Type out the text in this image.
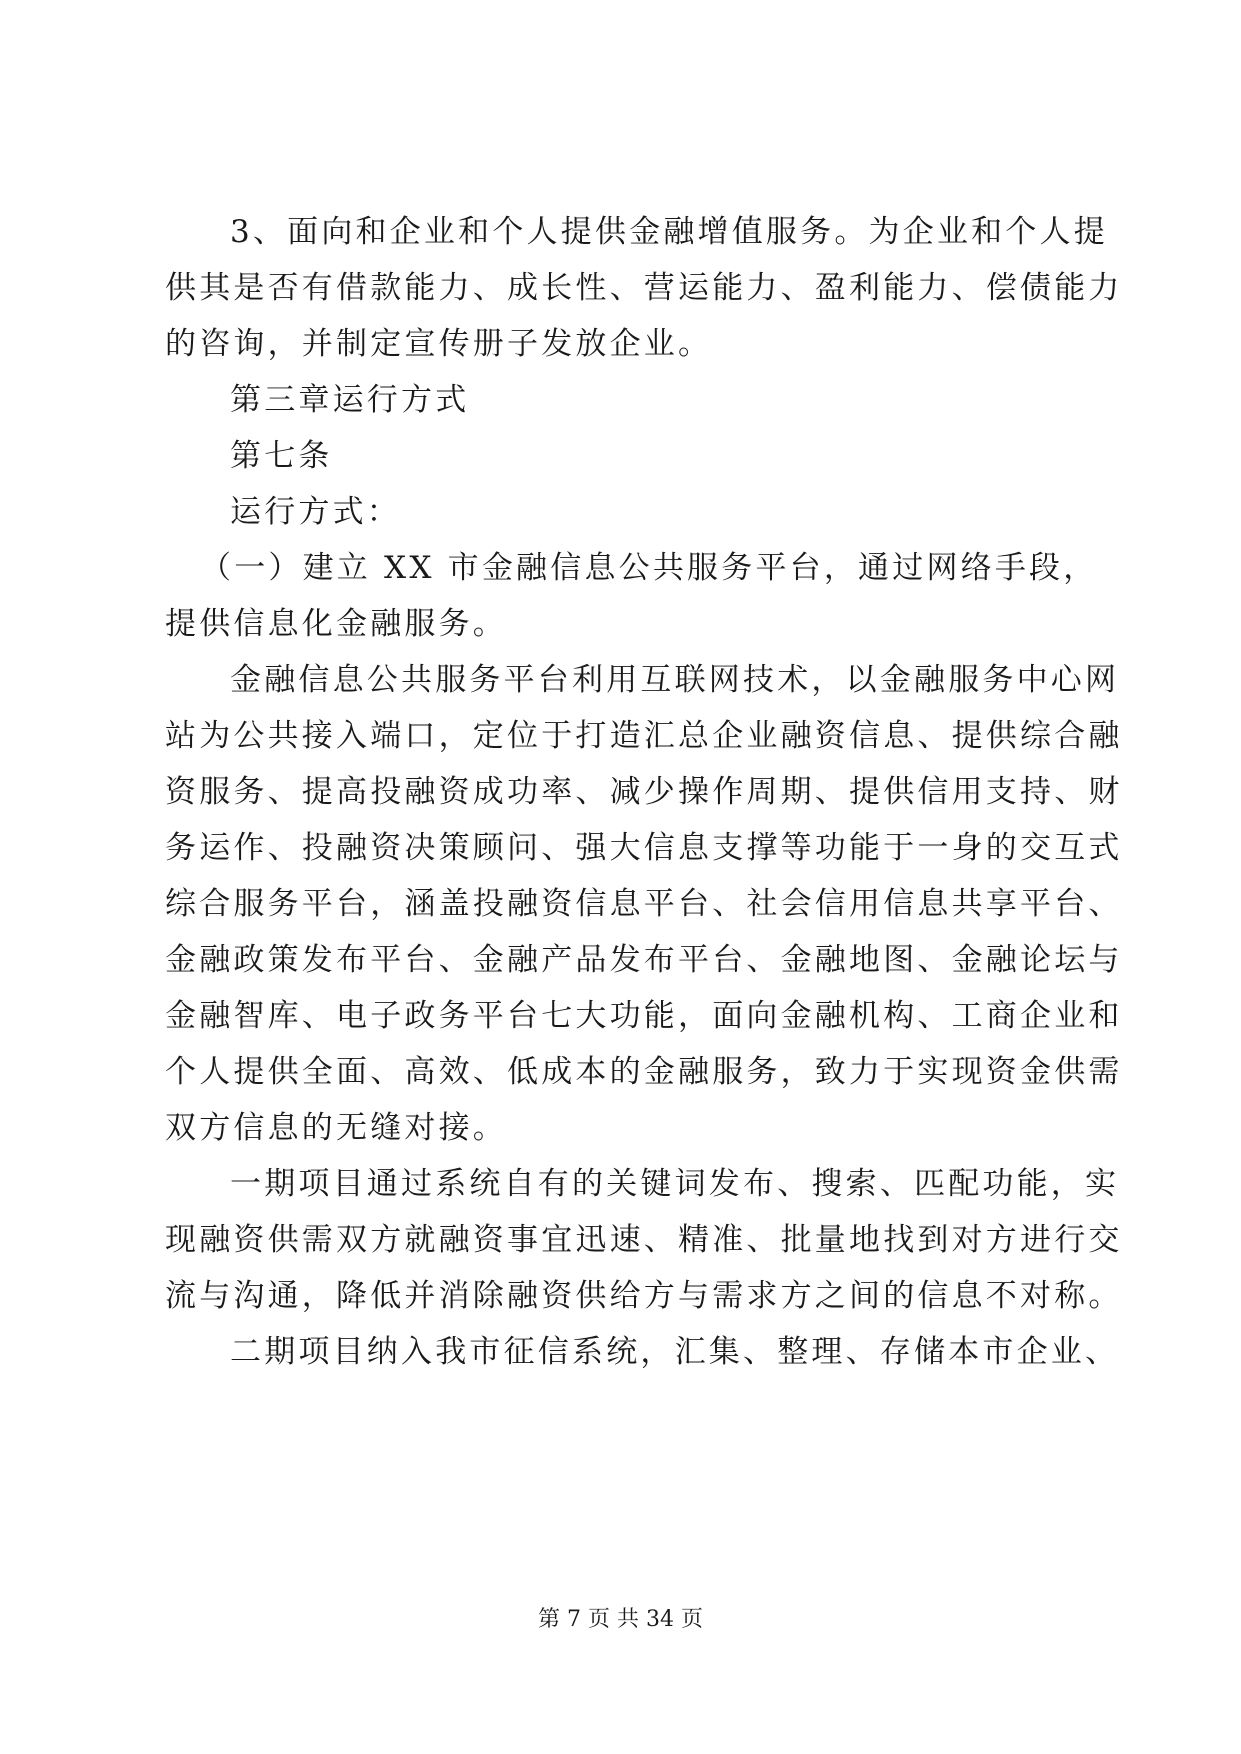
3、面向和企业和个人提供金融增值服务。为企业和个人提
供其是否有借款能力、成长性、营运能力、盈利能力、偿债能力
的咨询，并制定宣传册子发放企业。
第三章运行方式
第七条
运行方式：
（一）建立 XX 市金融信息公共服务平台，通过网络手段，
提供信息化金融服务。
金融信息公共服务平台利用互联网技术，以金融服务中心网
站为公共接入端口，定位于打造汇总企业融资信息、提供综合融
资服务、提高投融资成功率、减少操作周期、提供信用支持、财
务运作、投融资决策顾问、强大信息支撑等功能于一身的交互式
综合服务平台，涵盖投融资信息平台、社会信用信息共享平台、
金融政策发布平台、金融产品发布平台、金融地图、金融论坛与
金融智库、电子政务平台七大功能，面向金融机构、工商企业和
个人提供全面、高效、低成本的金融服务，致力于实现资金供需
双方信息的无缝对接。
一期项目通过系统自有的关键词发布、搜索、匹配功能，实
现融资供需双方就融资事宜迅速、精准、批量地找到对方进行交
流与沟通，降低并消除融资供给方与需求方之间的信息不对称。
二期项目纳入我市征信系统，汇集、整理、存储本市企业、
第 7 页 共 34 页
